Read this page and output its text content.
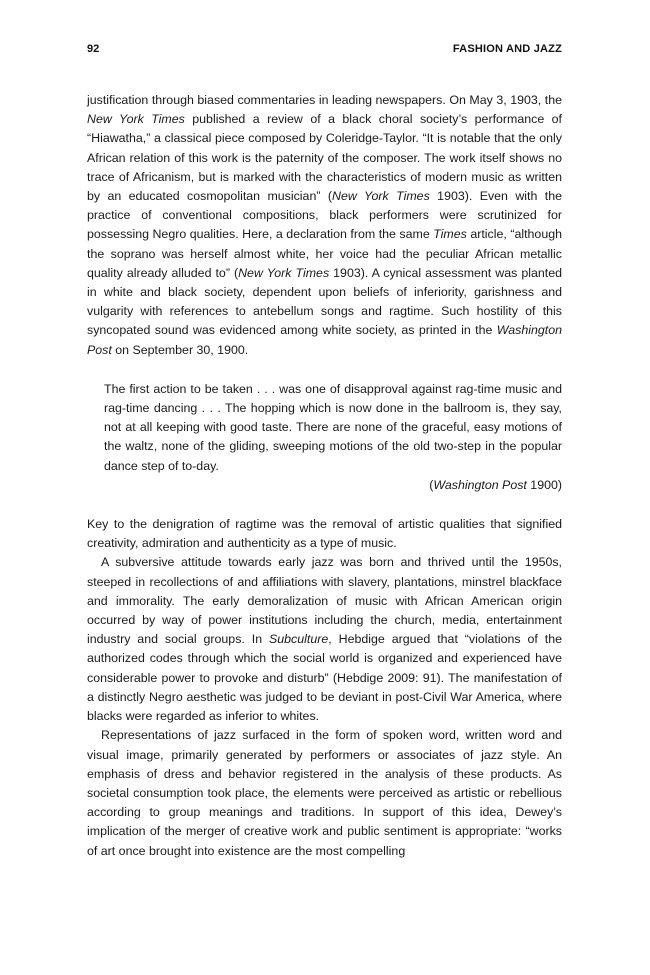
92	FASHION AND JAZZ

justification through biased commentaries in leading newspapers. On May 3, 1903, the New York Times published a review of a black choral society’s performance of “Hiawatha,” a classical piece composed by Coleridge-Taylor. “It is notable that the only African relation of this work is the paternity of the composer. The work itself shows no trace of Africanism, but is marked with the characteristics of modern music as written by an educated cosmopolitan musician” (New York Times 1903). Even with the practice of conventional compositions, black performers were scrutinized for possessing Negro qualities. Here, a declaration from the same Times article, “although the soprano was herself almost white, her voice had the peculiar African metallic quality already alluded to” (New York Times 1903). A cynical assessment was planted in white and black society, dependent upon beliefs of inferiority, garishness and vulgarity with references to antebellum songs and ragtime. Such hostility of this syncopated sound was evidenced among white society, as printed in the Washington Post on September 30, 1900.

The first action to be taken . . . was one of disapproval against rag-time music and rag-time dancing . . . The hopping which is now done in the ballroom is, they say, not at all keeping with good taste. There are none of the graceful, easy motions of the waltz, none of the gliding, sweeping motions of the old two-step in the popular dance step of to-day.

(Washington Post 1900)

Key to the denigration of ragtime was the removal of artistic qualities that signified creativity, admiration and authenticity as a type of music.

A subversive attitude towards early jazz was born and thrived until the 1950s, steeped in recollections of and affiliations with slavery, plantations, minstrel blackface and immorality. The early demoralization of music with African American origin occurred by way of power institutions including the church, media, entertainment industry and social groups. In Subculture, Hebdige argued that “violations of the authorized codes through which the social world is organized and experienced have considerable power to provoke and disturb” (Hebdige 2009: 91). The manifestation of a distinctly Negro aesthetic was judged to be deviant in post-Civil War America, where blacks were regarded as inferior to whites.

Representations of jazz surfaced in the form of spoken word, written word and visual image, primarily generated by performers or associates of jazz style. An emphasis of dress and behavior registered in the analysis of these products. As societal consumption took place, the elements were perceived as artistic or rebellious according to group meanings and traditions. In support of this idea, Dewey’s implication of the merger of creative work and public sentiment is appropriate: “works of art once brought into existence are the most compelling
